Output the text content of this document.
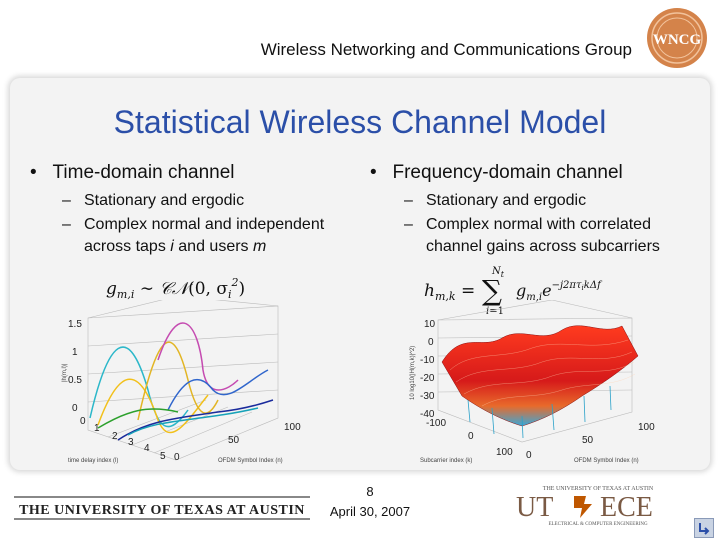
Wireless Networking and Communications Group WNCG
Statistical Wireless Channel Model
•   Time-domain channel
– Stationary and ergodic
– Complex normal and independent
across taps i and users m
$g_{m,i}$ ∼ 𝒞𝒩(0, $\sigma_i^2$)
1.5
1
0.5
0
0
1
2
3
4
5 0
50
100
|h(m,l)|
time delay index (l)	OFDM Symbol Index (n)
•   Frequency-domain channel
– Stationary and ergodic
– Complex normal with correlated
channel gains across subcarriers
$h_{m,k}$ = ∑
$N_t$
i=1
$g_{m,i}e^{-j2\pi\tau_ik\Delta f}$
10
0
-10
-20
-30
-40
-100
0
100 0
50
100
10 log10(|H(m,k)|^2)
Subcarrier index (k)	OFDM Symbol Index (n)
8
April 30, 2007
THE UNIVERSITY OF TEXAS AT AUSTIN
THE UNIVERSITY OF TEXAS AT AUSTIN
UT ECE
ELECTRICAL & COMPUTER ENGINEERING
